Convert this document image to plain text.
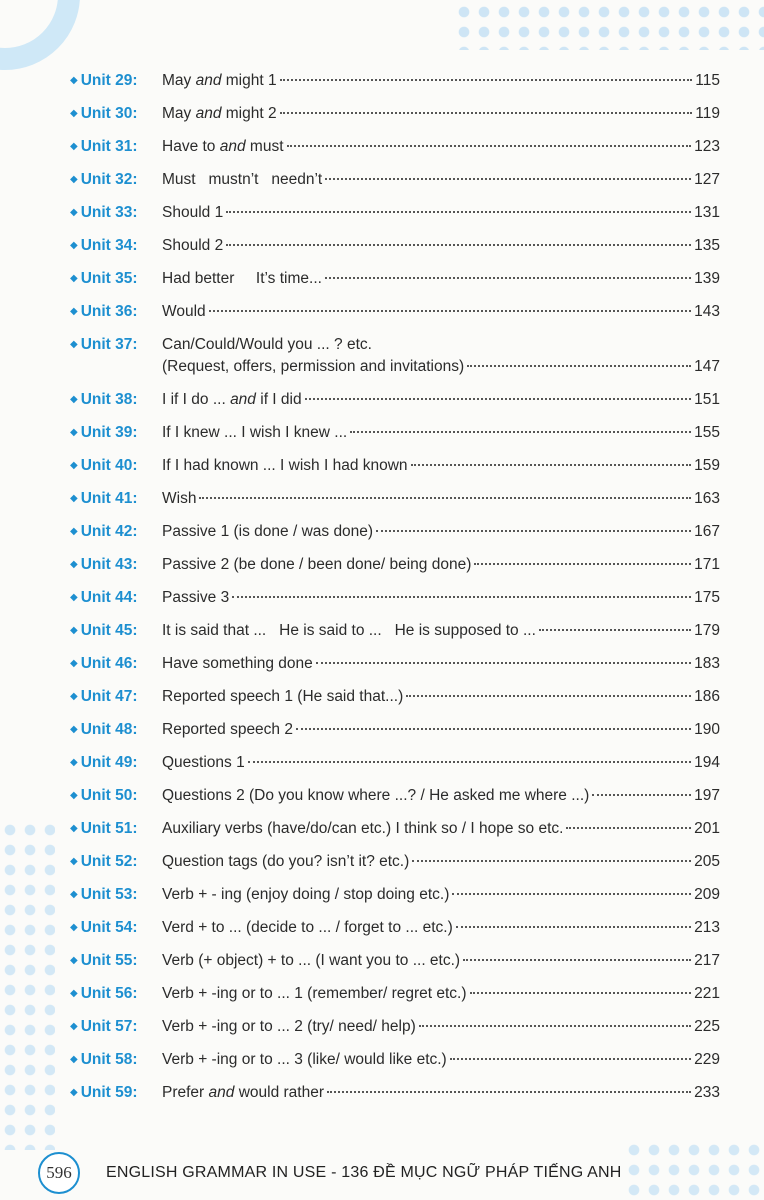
◆ Unit 29:	May and might 1	115
◆ Unit 30:	May and might 2	119
◆ Unit 31:	Have to and must	123
◆ Unit 32:	Must   mustn’t   needn’t	127
◆ Unit 33:	Should 1	131
◆ Unit 34:	Should 2	135
◆ Unit 35:	Had better     It’s time...	139
◆ Unit 36:	Would	143
◆ Unit 37:	Can/Could/Would you ... ? etc.
(Request, offers, permission and invitations)	147
◆ Unit 38:	I if I do ... and if I did	151
◆ Unit 39:	If I knew ... I wish I knew ...	155
◆ Unit 40:	If I had known ... I wish I had known	159
◆ Unit 41:	Wish	163
◆ Unit 42:	Passive 1 (is done / was done)	167
◆ Unit 43:	Passive 2 (be done / been done/ being done)	171
◆ Unit 44:	Passive 3	175
◆ Unit 45:	It is said that ...   He is said to ...   He is supposed to ...	179
◆ Unit 46:	Have something done	183
◆ Unit 47:	Reported speech 1 (He said that...)	186
◆ Unit 48:	Reported speech 2	190
◆ Unit 49:	Questions 1	194
◆ Unit 50:	Questions 2 (Do you know where ...? / He asked me where ...)	197
◆ Unit 51:	Auxiliary verbs (have/do/can etc.) I think so / I hope so etc.	201
◆ Unit 52:	Question tags (do you? isn’t it? etc.)	205
◆ Unit 53:	Verb + - ing (enjoy doing / stop doing etc.)	209
◆ Unit 54:	Verd + to ... (decide to ... / forget to ... etc.)	213
◆ Unit 55:	Verb (+ object) + to ... (I want you to ... etc.)	217
◆ Unit 56:	Verb + -ing or to ... 1 (remember/ regret etc.)	221
◆ Unit 57:	Verb + -ing or to ... 2 (try/ need/ help)	225
◆ Unit 58:	Verb + -ing or to ... 3 (like/ would like etc.)	229
◆ Unit 59:	Prefer and would rather	233
596	ENGLISH GRAMMAR IN USE - 136 ĐỀ MỤC NGỮ PHÁP TIẾNG ANH
